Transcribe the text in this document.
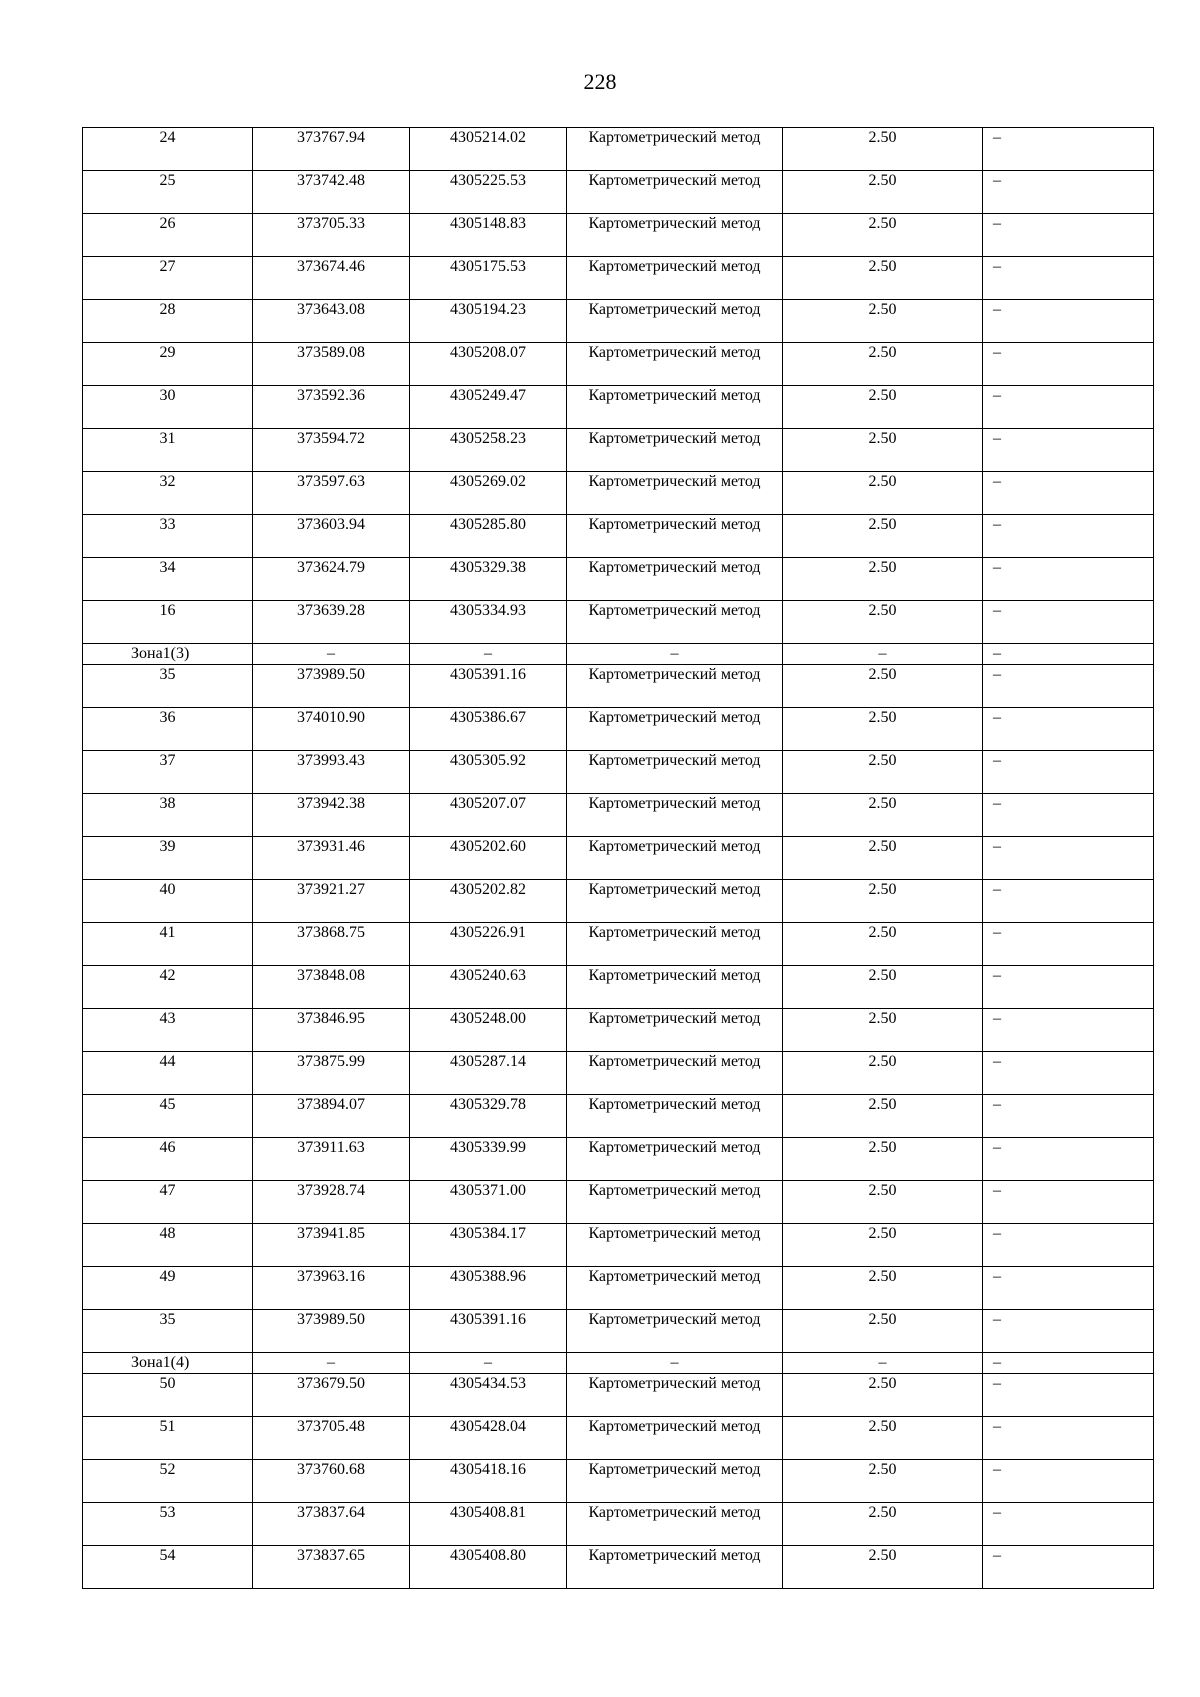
228
24	373767.94	4305214.02	Картометрический метод	2.50	–
25	373742.48	4305225.53	Картометрический метод	2.50	–
26	373705.33	4305148.83	Картометрический метод	2.50	–
27	373674.46	4305175.53	Картометрический метод	2.50	–
28	373643.08	4305194.23	Картометрический метод	2.50	–
29	373589.08	4305208.07	Картометрический метод	2.50	–
30	373592.36	4305249.47	Картометрический метод	2.50	–
31	373594.72	4305258.23	Картометрический метод	2.50	–
32	373597.63	4305269.02	Картометрический метод	2.50	–
33	373603.94	4305285.80	Картометрический метод	2.50	–
34	373624.79	4305329.38	Картометрический метод	2.50	–
16	373639.28	4305334.93	Картометрический метод	2.50	–
Зона1(3)	–	–	–	–	–
35	373989.50	4305391.16	Картометрический метод	2.50	–
36	374010.90	4305386.67	Картометрический метод	2.50	–
37	373993.43	4305305.92	Картометрический метод	2.50	–
38	373942.38	4305207.07	Картометрический метод	2.50	–
39	373931.46	4305202.60	Картометрический метод	2.50	–
40	373921.27	4305202.82	Картометрический метод	2.50	–
41	373868.75	4305226.91	Картометрический метод	2.50	–
42	373848.08	4305240.63	Картометрический метод	2.50	–
43	373846.95	4305248.00	Картометрический метод	2.50	–
44	373875.99	4305287.14	Картометрический метод	2.50	–
45	373894.07	4305329.78	Картометрический метод	2.50	–
46	373911.63	4305339.99	Картометрический метод	2.50	–
47	373928.74	4305371.00	Картометрический метод	2.50	–
48	373941.85	4305384.17	Картометрический метод	2.50	–
49	373963.16	4305388.96	Картометрический метод	2.50	–
35	373989.50	4305391.16	Картометрический метод	2.50	–
Зона1(4)	–	–	–	–	–
50	373679.50	4305434.53	Картометрический метод	2.50	–
51	373705.48	4305428.04	Картометрический метод	2.50	–
52	373760.68	4305418.16	Картометрический метод	2.50	–
53	373837.64	4305408.81	Картометрический метод	2.50	–
54	373837.65	4305408.80	Картометрический метод	2.50	–
